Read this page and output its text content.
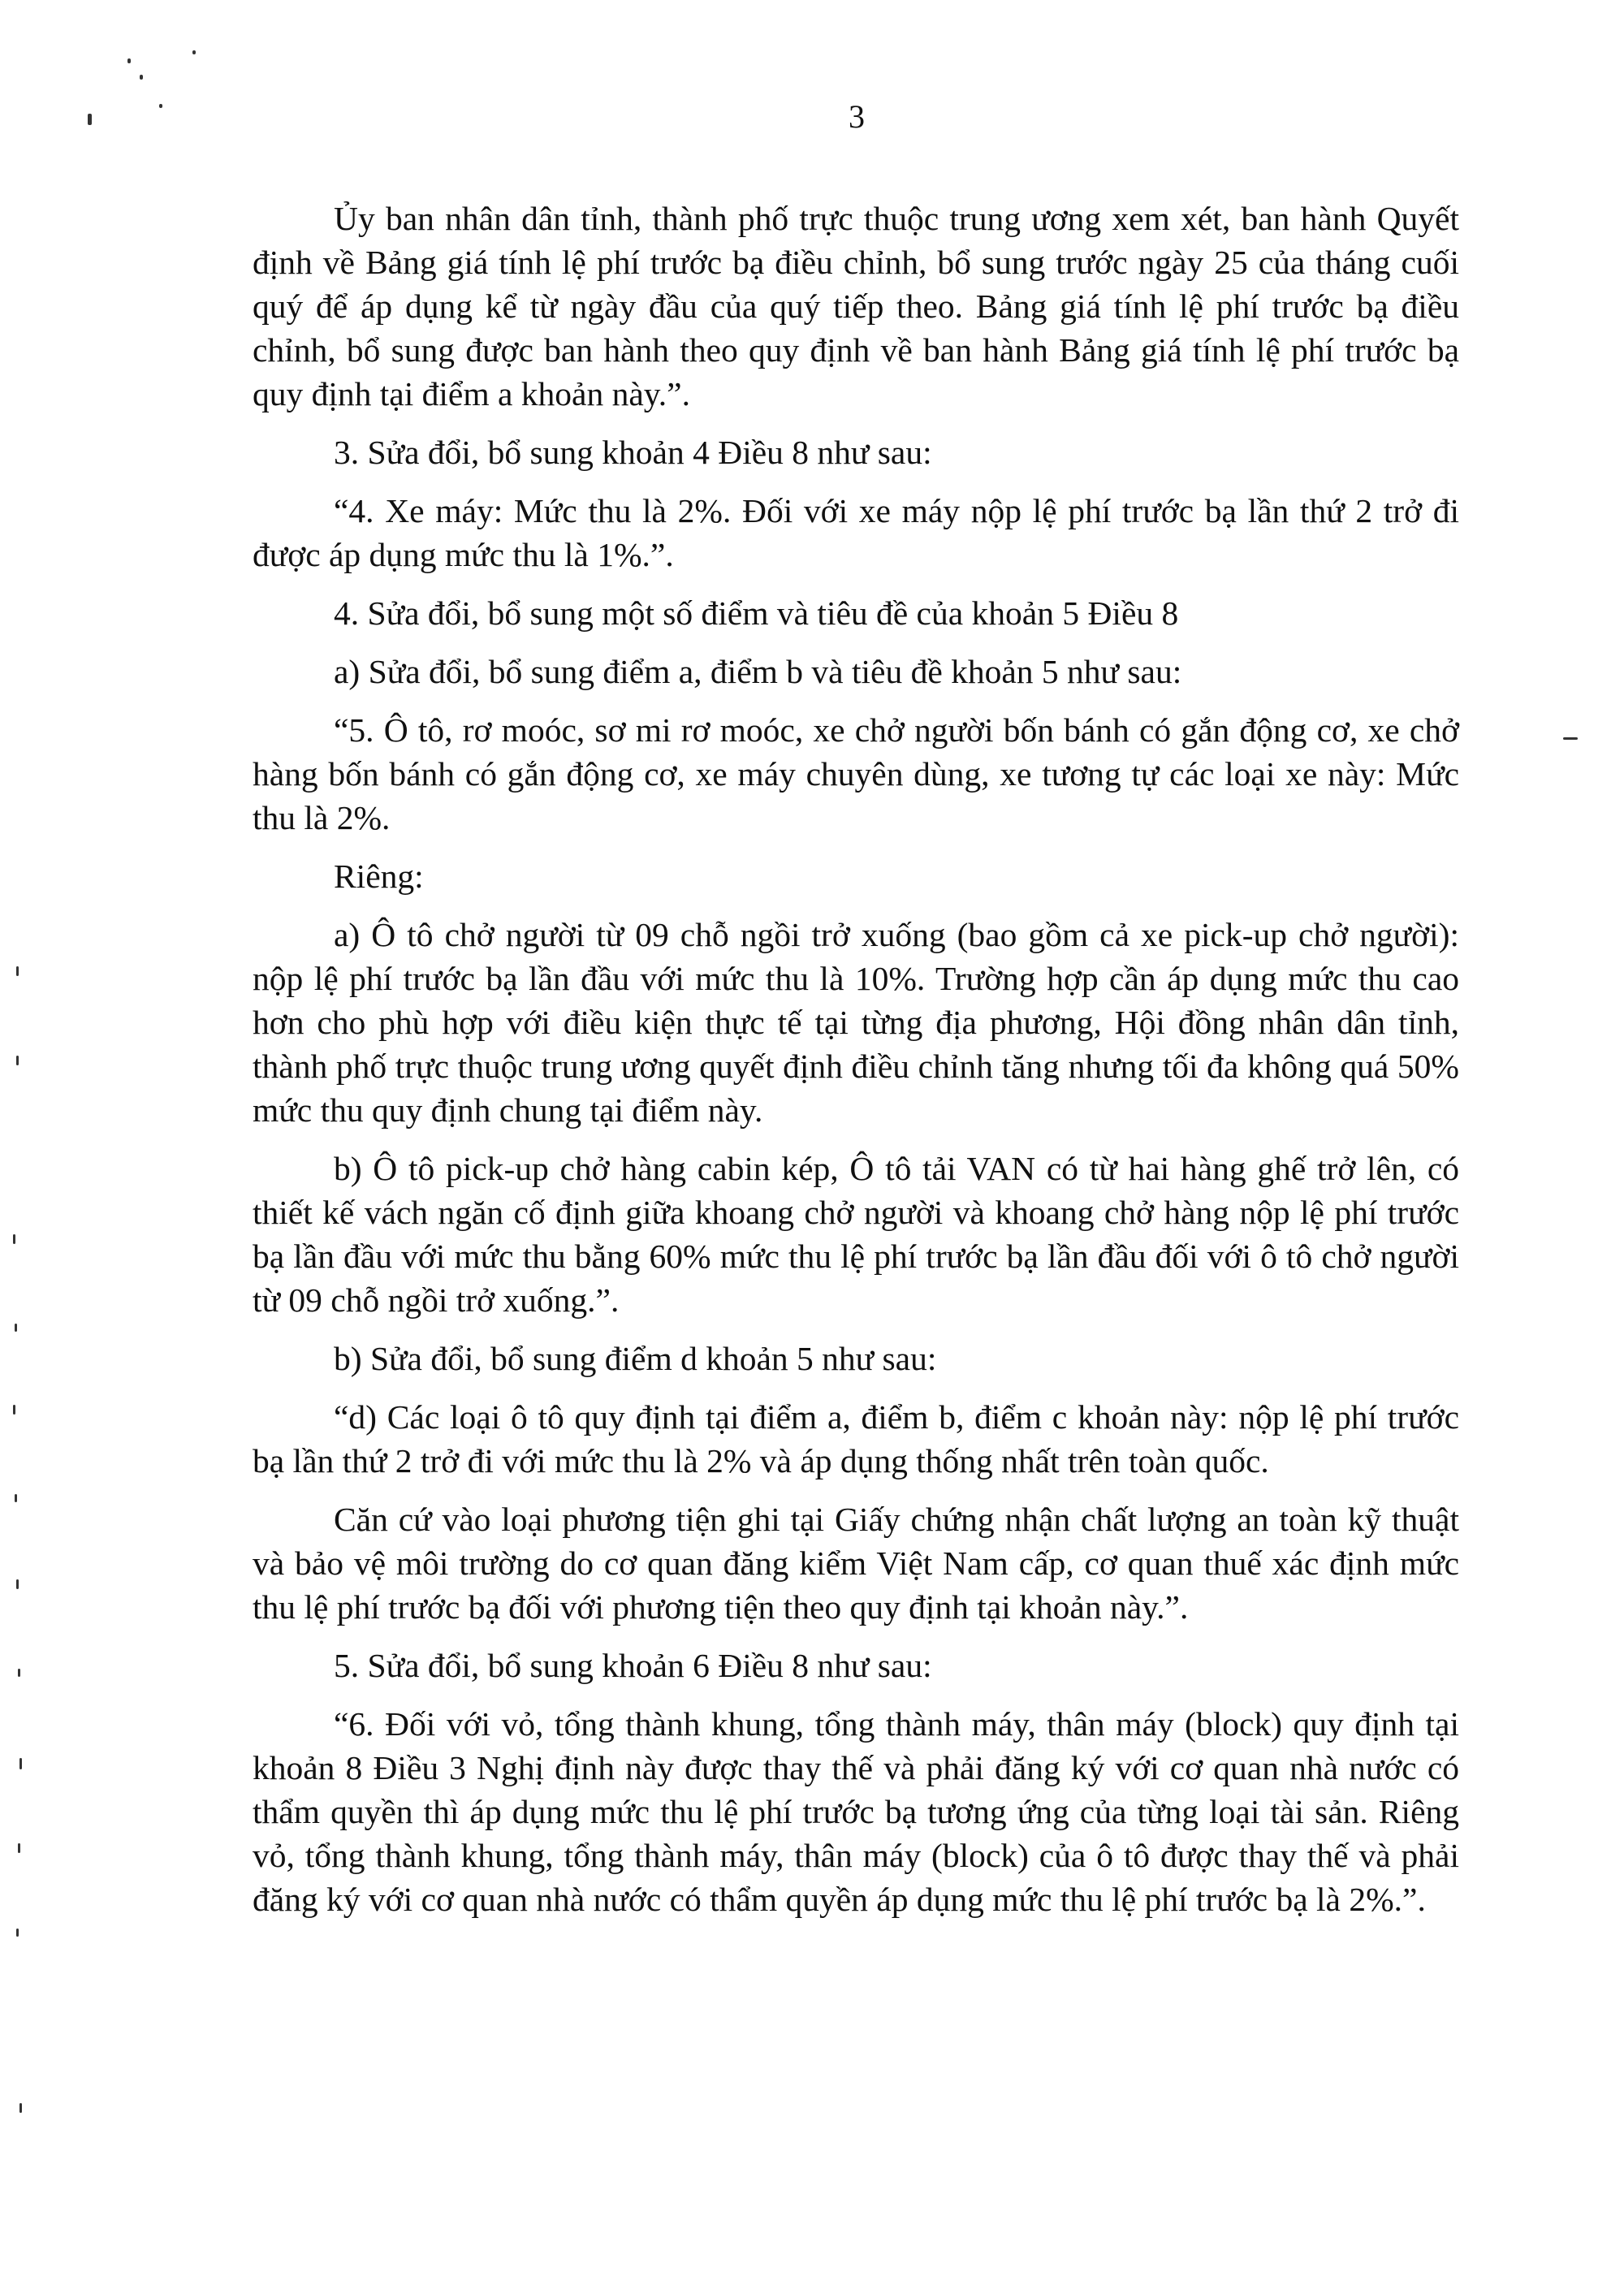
3

Ủy ban nhân dân tỉnh, thành phố trực thuộc trung ương xem xét, ban hành Quyết định về Bảng giá tính lệ phí trước bạ điều chỉnh, bổ sung trước ngày 25 của tháng cuối quý để áp dụng kể từ ngày đầu của quý tiếp theo. Bảng giá tính lệ phí trước bạ điều chỉnh, bổ sung được ban hành theo quy định về ban hành Bảng giá tính lệ phí trước bạ quy định tại điểm a khoản này.”.

3. Sửa đổi, bổ sung khoản 4 Điều 8 như sau:

“4. Xe máy: Mức thu là 2%. Đối với xe máy nộp lệ phí trước bạ lần thứ 2 trở đi được áp dụng mức thu là 1%.”.

4. Sửa đổi, bổ sung một số điểm và tiêu đề của khoản 5 Điều 8

a) Sửa đổi, bổ sung điểm a, điểm b và tiêu đề khoản 5 như sau:

“5. Ô tô, rơ moóc, sơ mi rơ moóc, xe chở người bốn bánh có gắn động cơ, xe chở hàng bốn bánh có gắn động cơ, xe máy chuyên dùng, xe tương tự các loại xe này: Mức thu là 2%.

Riêng:

a) Ô tô chở người từ 09 chỗ ngồi trở xuống (bao gồm cả xe pick-up chở người): nộp lệ phí trước bạ lần đầu với mức thu là 10%. Trường hợp cần áp dụng mức thu cao hơn cho phù hợp với điều kiện thực tế tại từng địa phương, Hội đồng nhân dân tỉnh, thành phố trực thuộc trung ương quyết định điều chỉnh tăng nhưng tối đa không quá 50% mức thu quy định chung tại điểm này.

b) Ô tô pick-up chở hàng cabin kép, Ô tô tải VAN có từ hai hàng ghế trở lên, có thiết kế vách ngăn cố định giữa khoang chở người và khoang chở hàng nộp lệ phí trước bạ lần đầu với mức thu bằng 60% mức thu lệ phí trước bạ lần đầu đối với ô tô chở người từ 09 chỗ ngồi trở xuống.”.

b) Sửa đổi, bổ sung điểm d khoản 5 như sau:

“d) Các loại ô tô quy định tại điểm a, điểm b, điểm c khoản này: nộp lệ phí trước bạ lần thứ 2 trở đi với mức thu là 2% và áp dụng thống nhất trên toàn quốc.

Căn cứ vào loại phương tiện ghi tại Giấy chứng nhận chất lượng an toàn kỹ thuật và bảo vệ môi trường do cơ quan đăng kiểm Việt Nam cấp, cơ quan thuế xác định mức thu lệ phí trước bạ đối với phương tiện theo quy định tại khoản này.”.

5. Sửa đổi, bổ sung khoản 6 Điều 8 như sau:

“6. Đối với vỏ, tổng thành khung, tổng thành máy, thân máy (block) quy định tại khoản 8 Điều 3 Nghị định này được thay thế và phải đăng ký với cơ quan nhà nước có thẩm quyền thì áp dụng mức thu lệ phí trước bạ tương ứng của từng loại tài sản. Riêng vỏ, tổng thành khung, tổng thành máy, thân máy (block) của ô tô được thay thế và phải đăng ký với cơ quan nhà nước có thẩm quyền áp dụng mức thu lệ phí trước bạ là 2%.”.
